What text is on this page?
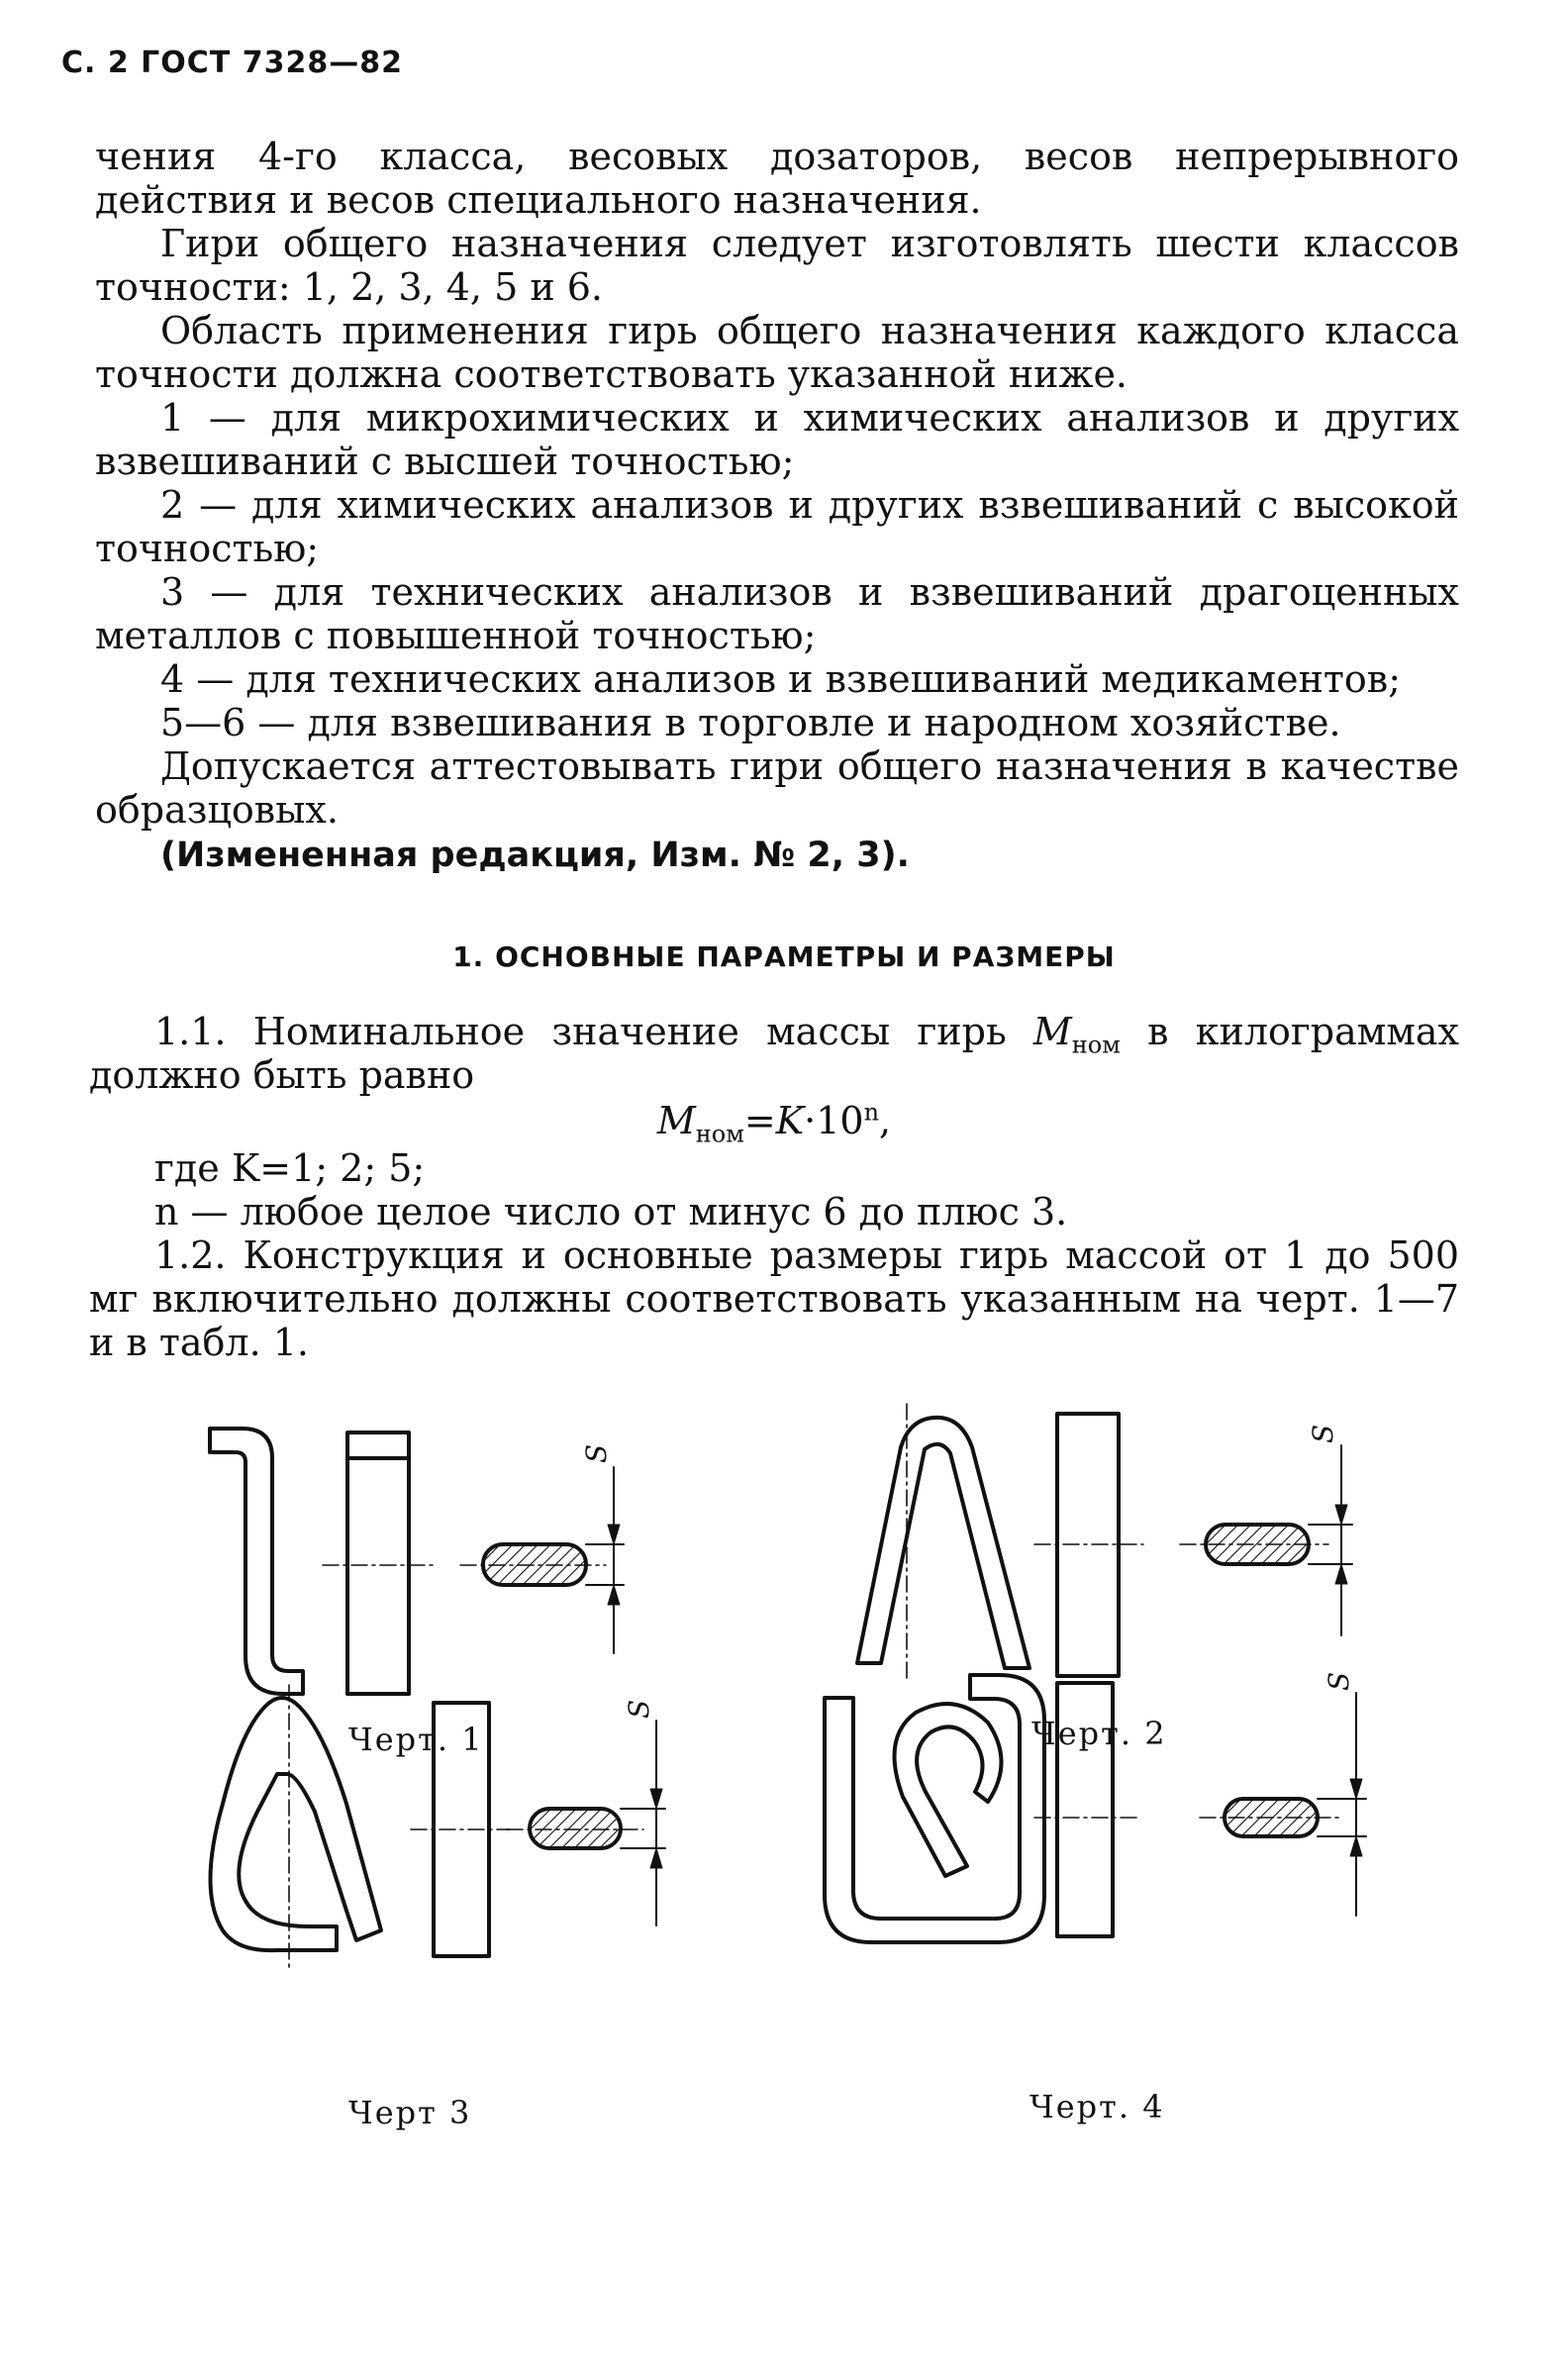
С. 2 ГОСТ 7328—82

чения 4-го класса, весовых дозаторов, весов непрерывного действия и весов специального назначения.

Гири общего назначения следует изготовлять шести классов точности: 1, 2, 3, 4, 5 и 6.

Область применения гирь общего назначения каждого класса точности должна соответствовать указанной ниже.

1 — для микрохимических и химических анализов и других взвешиваний с высшей точностью;

2 — для химических анализов и других взвешиваний с высокой точностью;

3 — для технических анализов и взвешиваний драгоценных металлов с повышенной точностью;

4 — для технических анализов и взвешиваний медикаментов;

5—6 — для взвешивания в торговле и народном хозяйстве.

Допускается аттестовывать гири общего назначения в качестве образцовых.

(Измененная редакция, Изм. № 2, 3).

1. ОСНОВНЫЕ ПАРАМЕТРЫ И РАЗМЕРЫ

1.1. Номинальное значение массы гирь $M_{ном}$ в килограммах должно быть равно

$M_{ном}=K\cdot 10^n$,

где K=1; 2; 5;

n — любое целое число от минус 6 до плюс 3.

1.2. Конструкция и основные размеры гирь массой от 1 до 500 мг включительно должны соответствовать указанным на черт. 1—7 и в табл. 1.

S
S
S
S
Черт. 1	Черт. 2
Черт 3	Черт. 4
